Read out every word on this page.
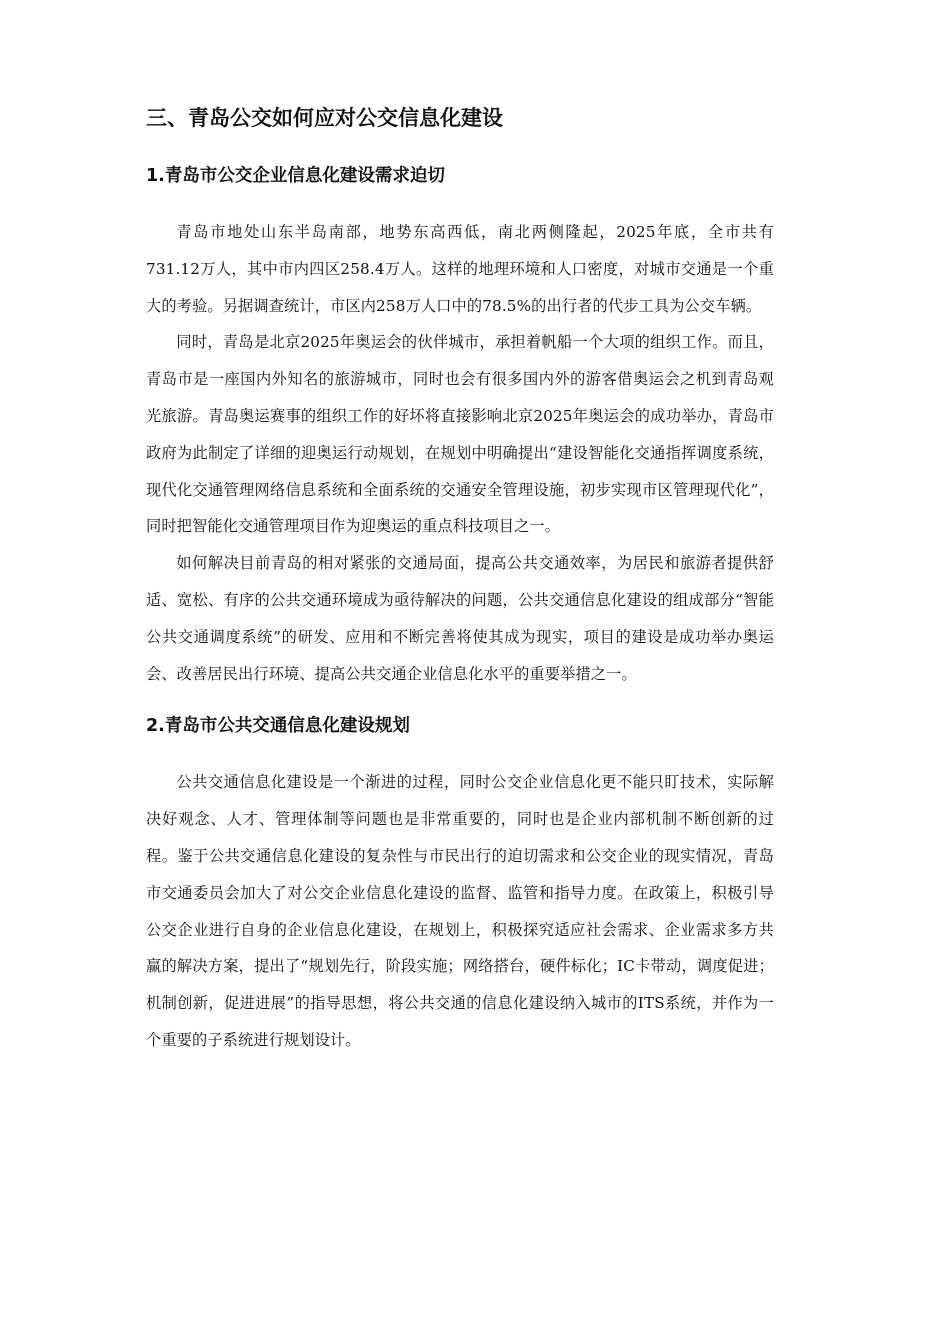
三、青岛公交如何应对公交信息化建设
1.青岛市公交企业信息化建设需求迫切

青岛市地处山东半岛南部，地势东高西低，南北两侧隆起，2025年底，全市共有731.12万人，其中市内四区258.4万人。这样的地理环境和人口密度，对城市交通是一个重大的考验。另据调查统计，市区内258万人口中的78.5%的出行者的代步工具为公交车辆。

同时，青岛是北京2025年奥运会的伙伴城市，承担着帆船一个大项的组织工作。而且，青岛市是一座国内外知名的旅游城市，同时也会有很多国内外的游客借奥运会之机到青岛观光旅游。青岛奥运赛事的组织工作的好坏将直接影响北京2025年奥运会的成功举办，青岛市政府为此制定了详细的迎奥运行动规划，在规划中明确提出“建设智能化交通指挥调度系统，现代化交通管理网络信息系统和全面系统的交通安全管理设施，初步实现市区管理现代化”，同时把智能化交通管理项目作为迎奥运的重点科技项目之一。

如何解决目前青岛的相对紧张的交通局面，提高公共交通效率，为居民和旅游者提供舒适、宽松、有序的公共交通环境成为亟待解决的问题，公共交通信息化建设的组成部分“智能公共交通调度系统”的研发、应用和不断完善将使其成为现实，项目的建设是成功举办奥运会、改善居民出行环境、提高公共交通企业信息化水平的重要举措之一。

2.青岛市公共交通信息化建设规划

公共交通信息化建设是一个渐进的过程，同时公交企业信息化更不能只盯技术，实际解决好观念、人才、管理体制等问题也是非常重要的，同时也是企业内部机制不断创新的过程。鉴于公共交通信息化建设的复杂性与市民出行的迫切需求和公交企业的现实情况，青岛市交通委员会加大了对公交企业信息化建设的监督、监管和指导力度。在政策上，积极引导公交企业进行自身的企业信息化建设，在规划上，积极探究适应社会需求、企业需求多方共赢的解决方案，提出了“规划先行，阶段实施；网络搭台，硬件标化；IC卡带动，调度促进；机制创新，促进进展”的指导思想，将公共交通的信息化建设纳入城市的ITS系统，并作为一个重要的子系统进行规划设计。
